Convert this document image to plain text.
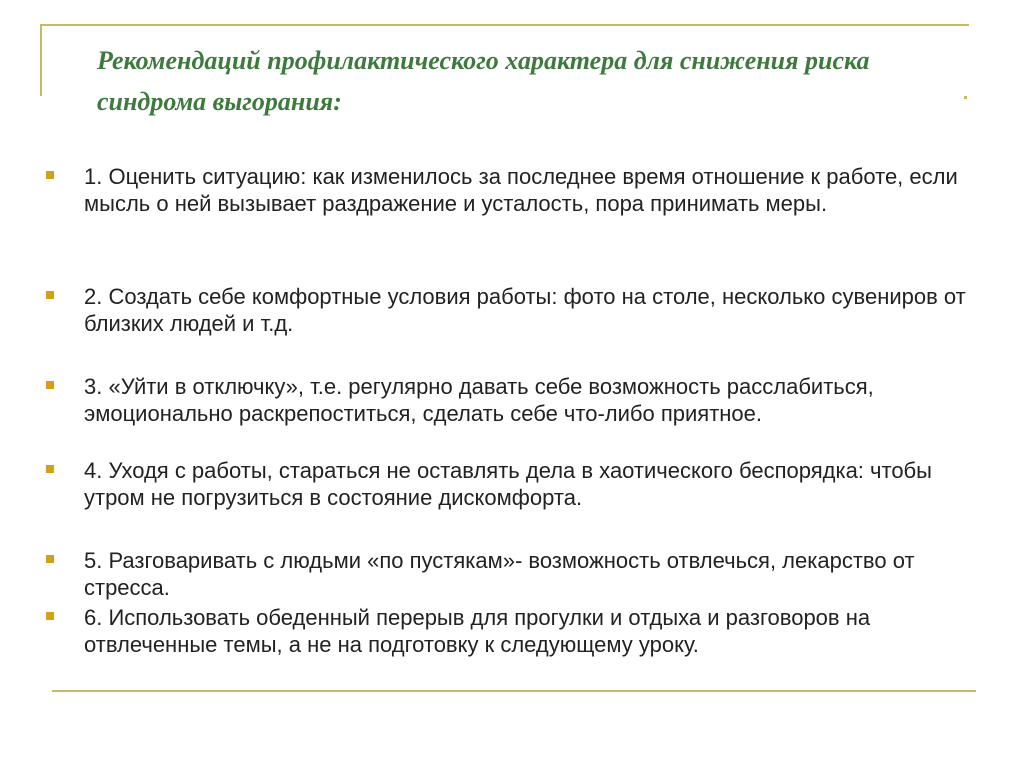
Рекомендаций профилактического характера для снижения риска синдрома выгорания:
1. Оценить ситуацию: как изменилось за последнее время отношение к работе, если мысль о ней вызывает раздражение и усталость, пора принимать меры.
2. Создать себе комфортные условия работы: фото на столе, несколько сувениров от близких людей и т.д.
3. «Уйти в отключку», т.е. регулярно давать себе возможность расслабиться, эмоционально раскрепоститься, сделать себе что-либо приятное.
4. Уходя с работы, стараться не оставлять дела в хаотического беспорядка: чтобы утром не погрузиться в состояние дискомфорта.
5. Разговаривать с людьми «по пустякам»- возможность отвлечься, лекарство от стресса.
6. Использовать обеденный перерыв для прогулки и отдыха и разговоров на отвлеченные темы, а не на подготовку к следующему уроку.
